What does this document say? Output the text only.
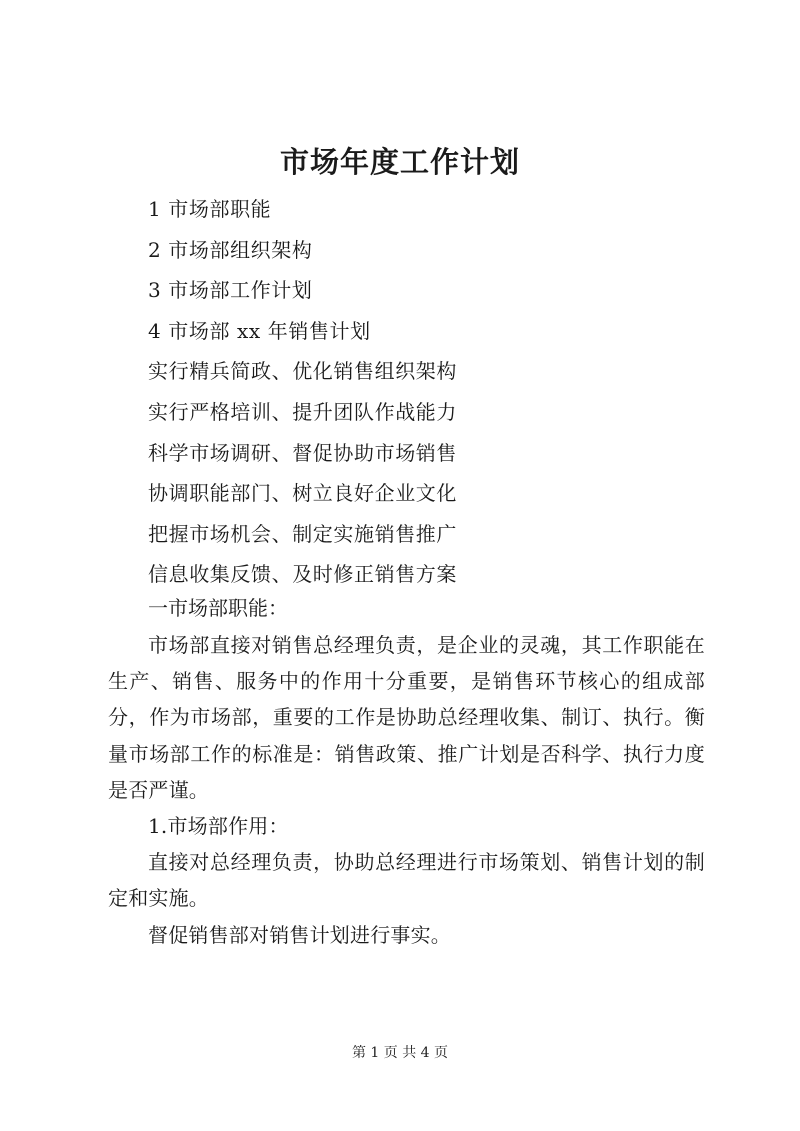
市场年度工作计划
1 市场部职能
2 市场部组织架构
3 市场部工作计划
4 市场部 xx 年销售计划
实行精兵简政、优化销售组织架构
实行严格培训、提升团队作战能力
科学市场调研、督促协助市场销售
协调职能部门、树立良好企业文化
把握市场机会、制定实施销售推广
信息收集反馈、及时修正销售方案
一市场部职能：

市场部直接对销售总经理负责，是企业的灵魂，其工作职能在生产、销售、服务中的作用十分重要，是销售环节核心的组成部分，作为市场部，重要的工作是协助总经理收集、制订、执行。衡量市场部工作的标准是：销售政策、推广计划是否科学、执行力度是否严谨。

1.市场部作用：

直接对总经理负责，协助总经理进行市场策划、销售计划的制定和实施。

督促销售部对销售计划进行事实。

第 1 页 共 4 页
